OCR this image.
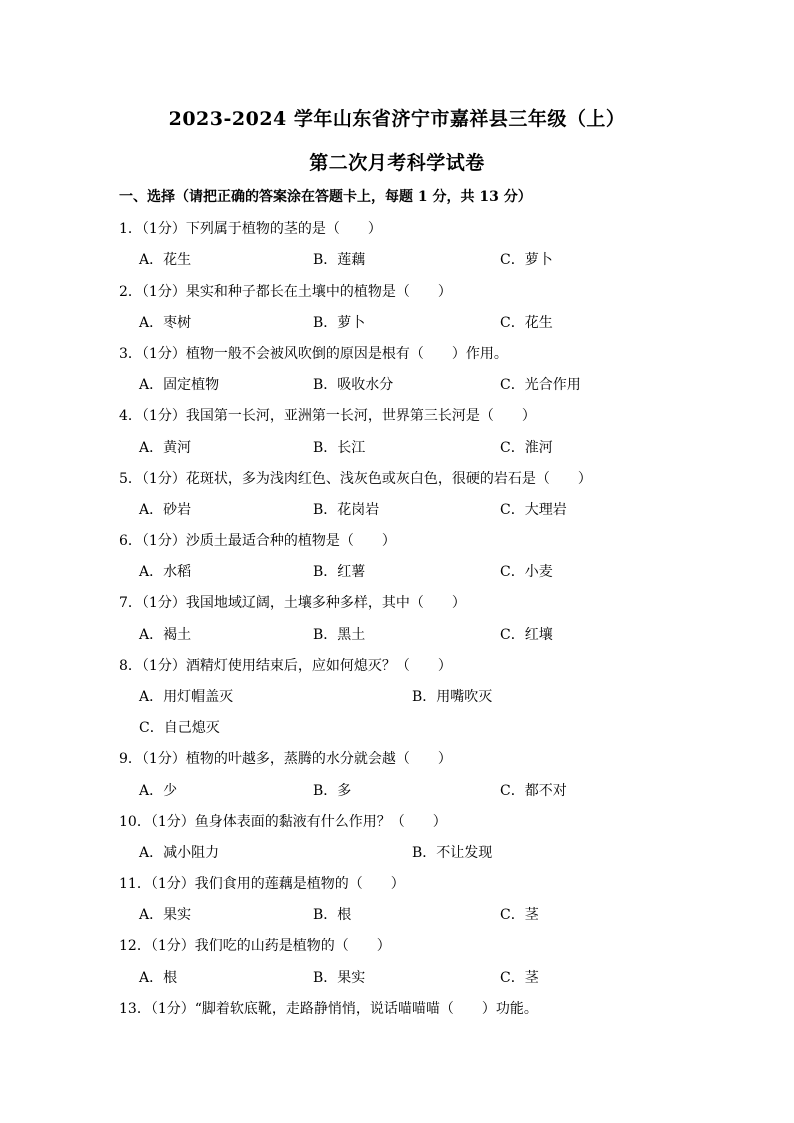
2023-2024 学年山东省济宁市嘉祥县三年级（上）
第二次月考科学试卷
一、选择（请把正确的答案涂在答题卡上，每题 1 分，共 13 分）
1．（1分）下列属于植物的茎的是（　　）
A．花生	B．莲藕	C．萝卜
2．（1分）果实和种子都长在土壤中的植物是（　　）
A．枣树	B．萝卜	C．花生
3．（1分）植物一般不会被风吹倒的原因是根有（　　）作用。
A．固定植物	B．吸收水分	C．光合作用
4．（1分）我国第一长河，亚洲第一长河，世界第三长河是（　　）
A．黄河	B．长江	C．淮河
5．（1分）花斑状，多为浅肉红色、浅灰色或灰白色，很硬的岩石是（　　）
A．砂岩	B．花岗岩	C．大理岩
6．（1分）沙质土最适合种的植物是（　　）
A．水稻	B．红薯	C．小麦
7．（1分）我国地域辽阔，土壤多种多样，其中（　　）
A．褐土	B．黑土	C．红壤
8．（1分）酒精灯使用结束后，应如何熄灭？（　　）
A．用灯帽盖灭	B．用嘴吹灭
C．自己熄灭
9．（1分）植物的叶越多，蒸腾的水分就会越（　　）
A．少	B．多	C．都不对
10．（1分）鱼身体表面的黏液有什么作用？（　　）
A．减小阻力	B．不让发现
11．（1分）我们食用的莲藕是植物的（　　）
A．果实	B．根	C．茎
12．（1分）我们吃的山药是植物的（　　）
A．根	B．果实	C．茎
13．（1分）“脚着软底靴，走路静悄悄，说话喵喵喵（　　）功能。
